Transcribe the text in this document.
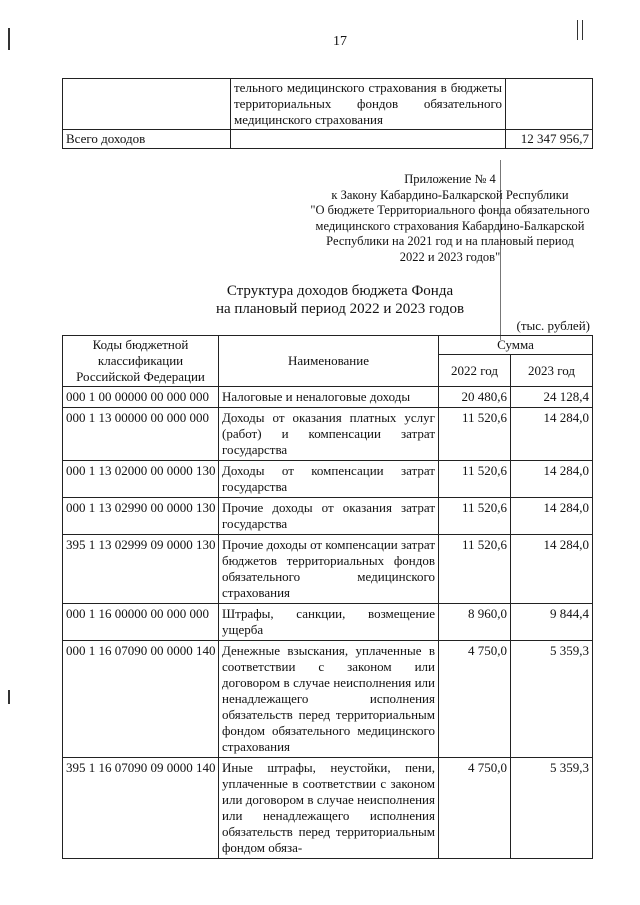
17
	тельного медицинского страхования в бюджеты территориальных фондов обязательного медицинского страхования	
Всего доходов		12 347 956,7
Приложение № 4
к Закону Кабардино-Балкарской Республики
"О бюджете Территориального фонда обязательного
медицинского страхования Кабардино-Балкарской
Республики на 2021 год и на плановый период
2022 и 2023 годов"
Структура доходов бюджета Фонда
на плановый период 2022 и 2023 годов
(тыс. рублей)
Коды бюджетной классификации Российской Федерации	Наименование	Сумма	
		2022 год	2023 год
000 1 00 00000 00 000 000	Налоговые и неналоговые доходы	20 480,6	24 128,4
000 1 13 00000 00 000 000	Доходы от оказания платных услуг (работ) и компенсации затрат государства	11 520,6	14 284,0
000 1 13 02000 00 0000 130	Доходы от компенсации затрат государства	11 520,6	14 284,0
000 1 13 02990 00 0000 130	Прочие доходы от оказания затрат государства	11 520,6	14 284,0
395 1 13 02999 09 0000 130	Прочие доходы от компенсации затрат бюджетов территориальных фондов обязательного медицинского страхования	11 520,6	14 284,0
000 1 16 00000 00 000 000	Штрафы, санкции, возмещение ущерба	8 960,0	9 844,4
000 1 16 07090 00 0000 140	Денежные взыскания, уплаченные в соответствии с законом или договором в случае неисполнения или ненадлежащего исполнения обязательств перед территориальным фондом обязательного медицинского страхования	4 750,0	5 359,3
395 1 16 07090 09 0000 140	Иные штрафы, неустойки, пени, уплаченные в соответствии с законом или договором в случае неисполнения или ненадлежащего исполнения обязательств перед территориальным фондом обяза-	4 750,0	5 359,3
